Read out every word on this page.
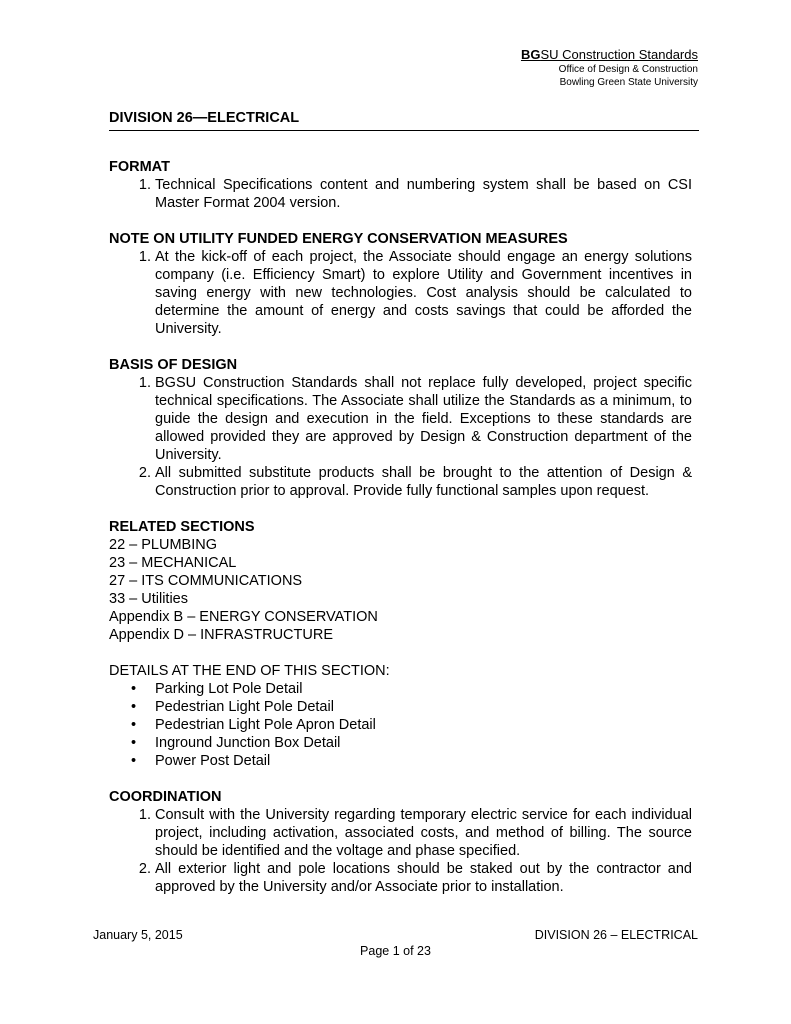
BGSU Construction Standards
Office of Design & Construction
Bowling Green State University
DIVISION 26—ELECTRICAL
FORMAT
1. Technical Specifications content and numbering system shall be based on CSI Master Format 2004 version.
NOTE ON UTILITY FUNDED ENERGY CONSERVATION MEASURES
1. At the kick-off of each project, the Associate should engage an energy solutions company (i.e. Efficiency Smart) to explore Utility and Government incentives in saving energy with new technologies. Cost analysis should be calculated to determine the amount of energy and costs savings that could be afforded the University.
BASIS OF DESIGN
1. BGSU Construction Standards shall not replace fully developed, project specific technical specifications. The Associate shall utilize the Standards as a minimum, to guide the design and execution in the field. Exceptions to these standards are allowed provided they are approved by Design & Construction department of the University.
2. All submitted substitute products shall be brought to the attention of Design & Construction prior to approval. Provide fully functional samples upon request.
RELATED SECTIONS
22 – PLUMBING
23 – MECHANICAL
27 – ITS COMMUNICATIONS
33 – Utilities
Appendix B – ENERGY CONSERVATION
Appendix D – INFRASTRUCTURE
DETAILS AT THE END OF THIS SECTION:
• Parking Lot Pole Detail
• Pedestrian Light Pole Detail
• Pedestrian Light Pole Apron Detail
• Inground Junction Box Detail
• Power Post Detail
COORDINATION
1. Consult with the University regarding temporary electric service for each individual project, including activation, associated costs, and method of billing. The source should be identified and the voltage and phase specified.
2. All exterior light and pole locations should be staked out by the contractor and approved by the University and/or Associate prior to installation.
January 5, 2015	DIVISION 26 – ELECTRICAL
Page 1 of 23
